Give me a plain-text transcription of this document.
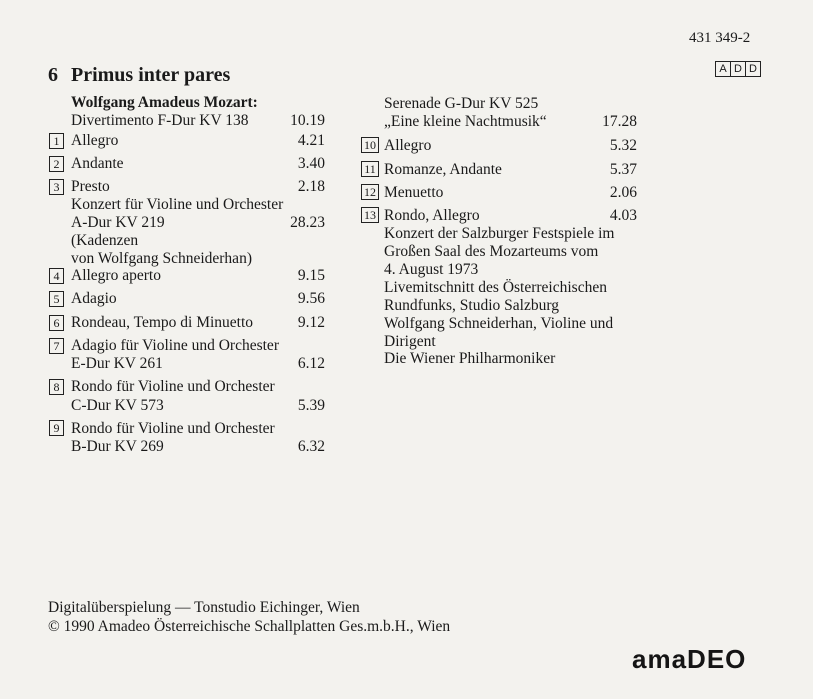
431 349-2
A D D
6 Primus inter pares
Wolfgang Amadeus Mozart:
Divertimento F-Dur KV 138	10.19
1 Allegro	4.21
2 Andante	3.40
3 Presto	2.18
Konzert für Violine und Orchester
A-Dur KV 219	28.23
(Kadenzen
von Wolfgang Schneiderhan)
4 Allegro aperto	9.15
5 Adagio	9.56
6 Rondeau, Tempo di Minuetto	9.12
7 Adagio für Violine und Orchester
E-Dur KV 261	6.12
8 Rondo für Violine und Orchester
C-Dur KV 573	5.39
9 Rondo für Violine und Orchester
B-Dur KV 269	6.32
Serenade G-Dur KV 525
„Eine kleine Nachtmusik“	17.28
10 Allegro	5.32
11 Romanze, Andante	5.37
12 Menuetto	2.06
13 Rondo, Allegro	4.03
Konzert der Salzburger Festspiele im
Großen Saal des Mozarteums vom
4. August 1973
Livemitschnitt des Österreichischen
Rundfunks, Studio Salzburg
Wolfgang Schneiderhan, Violine und
Dirigent
Die Wiener Philharmoniker
Digitalüberspielung — Tonstudio Eichinger, Wien
© 1990 Amadeo Österreichische Schallplatten Ges.m.b.H., Wien
amaDEO
